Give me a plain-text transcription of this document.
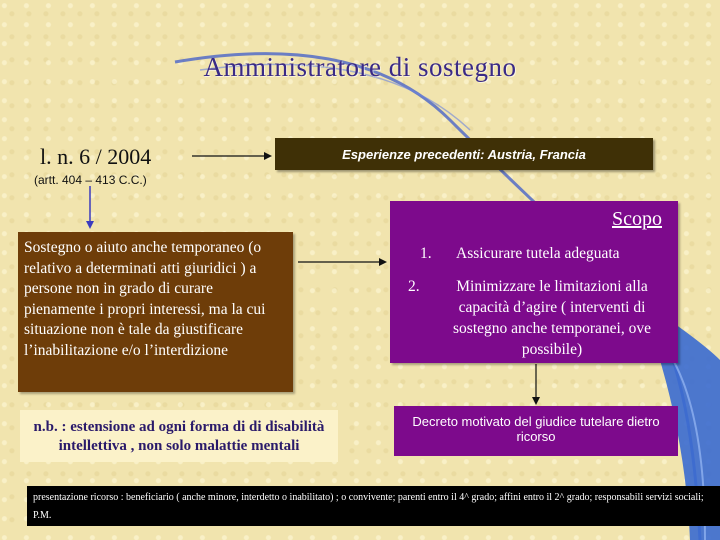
Amministratore di sostegno
l. n. 6 / 2004
(artt. 404 – 413 C.C.)
Esperienze precedenti: Austria, Francia
Sostegno o aiuto anche temporaneo (o relativo a determinati atti giuridici ) a persone non in grado di curare pienamente i propri interessi, ma la cui situazione non è tale da giustificare l’inabilitazione e/o l’interdizione
Scopo
1. Assicurare tutela adeguata
2.	Minimizzare le limitazioni alla capacità d’agire ( interventi di sostegno anche temporanei, ove possibile)
n.b. : estensione ad ogni forma di di disabilità intellettiva , non solo malattie mentali
Decreto motivato del giudice tutelare dietro ricorso
presentazione ricorso : beneficiario ( anche minore, interdetto o inabilitato) ; o convivente; parenti entro il 4^ grado; affini entro il 2^ grado; responsabili servizi sociali; P.M.
